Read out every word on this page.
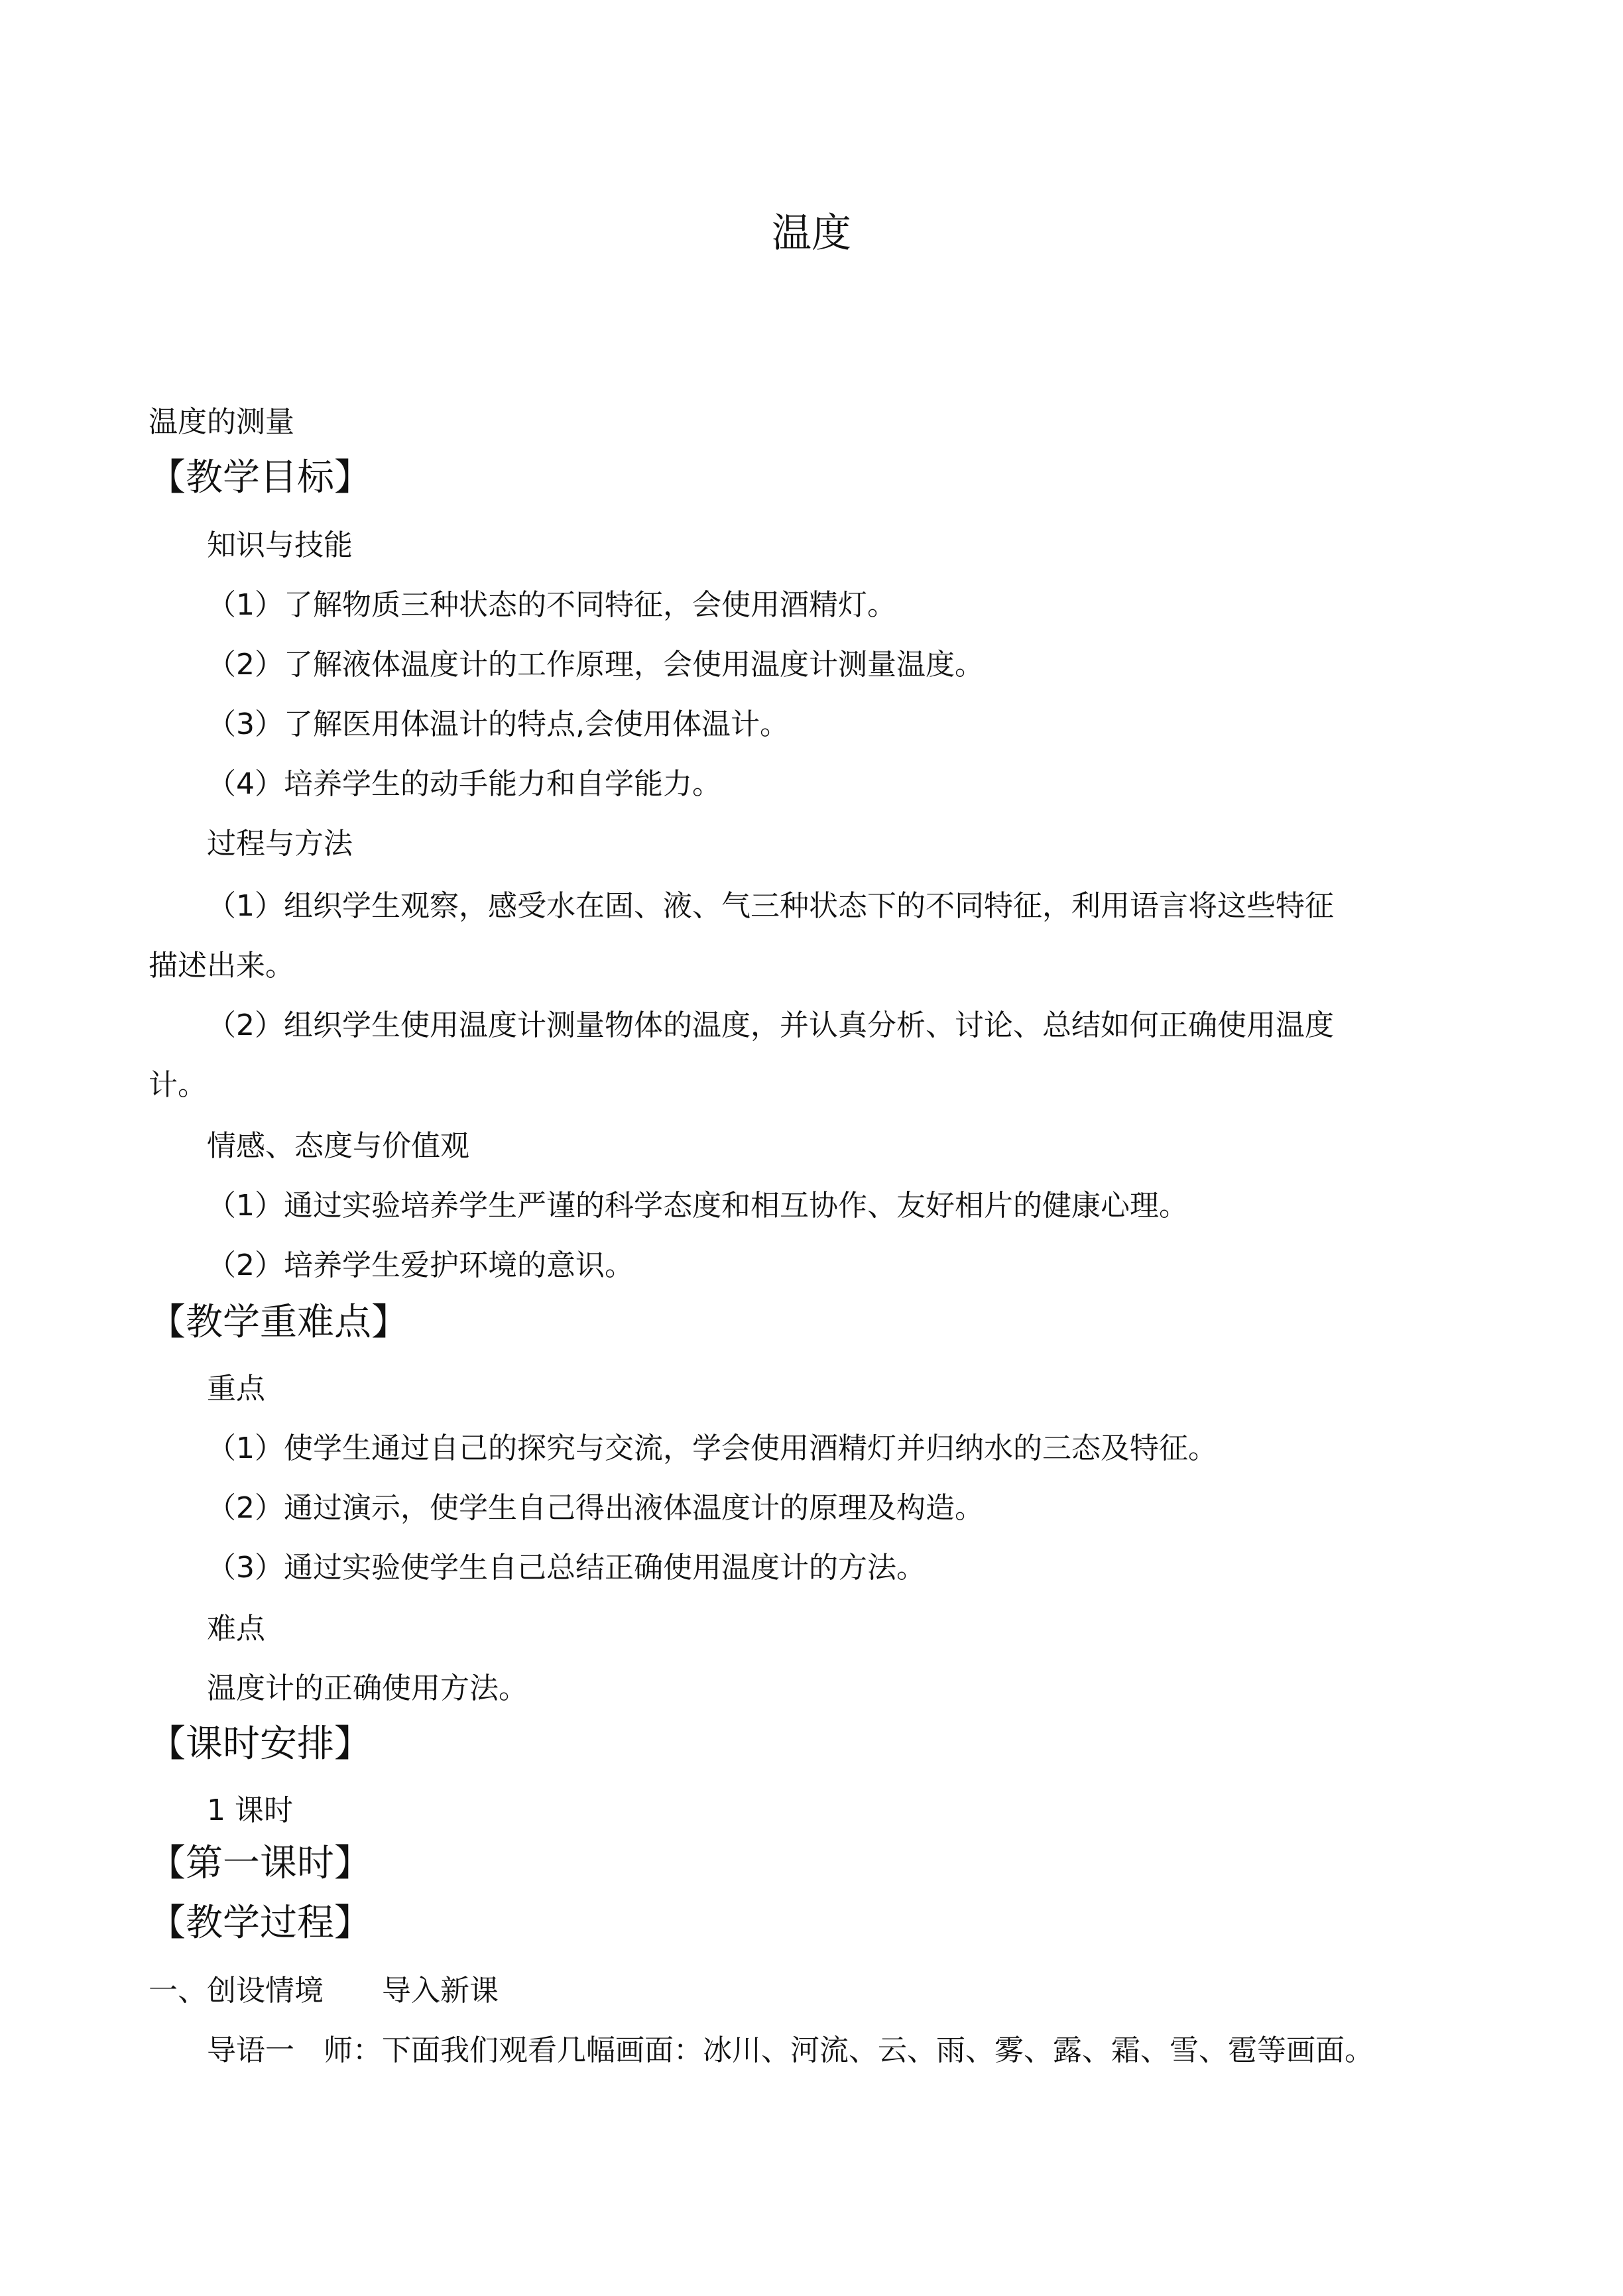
温度
温度的测量
【教学目标】
知识与技能
（1）了解物质三种状态的不同特征，会使用酒精灯。
（2）了解液体温度计的工作原理，会使用温度计测量温度。
（3）了解医用体温计的特点,会使用体温计。
（4）培养学生的动手能力和自学能力。
过程与方法
（1）组织学生观察，感受水在固、液、气三种状态下的不同特征，利用语言将这些特征
描述出来。
（2）组织学生使用温度计测量物体的温度，并认真分析、讨论、总结如何正确使用温度
计。
情感、态度与价值观
（1）通过实验培养学生严谨的科学态度和相互协作、友好相片的健康心理。
（2）培养学生爱护环境的意识。
【教学重难点】
重点
（1）使学生通过自己的探究与交流，学会使用酒精灯并归纳水的三态及特征。
（2）通过演示，使学生自己得出液体温度计的原理及构造。
（3）通过实验使学生自己总结正确使用温度计的方法。
难点
温度计的正确使用方法。
【课时安排】
1 课时
【第一课时】
【教学过程】
一、创设情境　　导入新课
导语一　师：下面我们观看几幅画面：冰川、河流、云、雨、雾、露、霜、雪、雹等画面。
